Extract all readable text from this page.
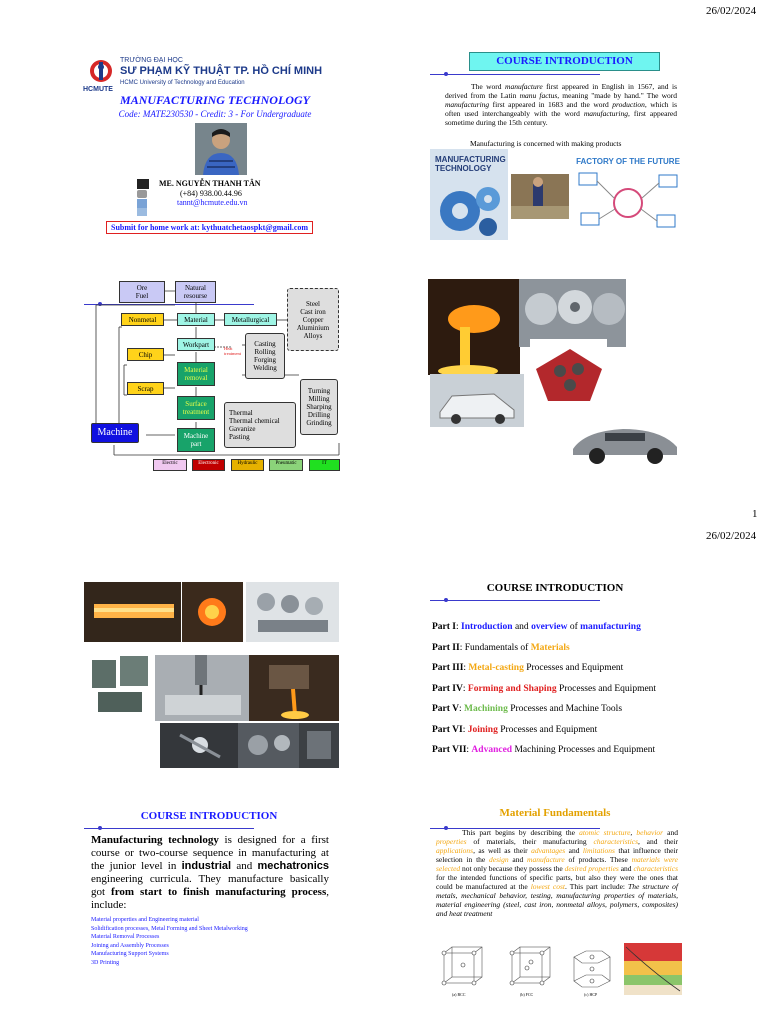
26/02/2024
1
26/02/2024
HCMUTE
TRƯỜNG ĐẠI HỌC
SƯ PHẠM KỸ THUẬT TP. HỒ CHÍ MINH
HCMC University of Technology and Education
MANUFACTURING TECHNOLOGY
Code: MATE230530 - Credit: 3 - For Undergraduate
ME. NGUYỄN THANH TÂN
(+84) 938.00.44.96
tannt@hcmute.edu.vn
Submit for home work at: kythuatchetaospkt@gmail.com
COURSE INTRODUCTION
The word manufacture first appeared in English in 1567, and is derived from the Latin manu factus, meaning "made by hand." The word manufacturing first appeared in 1683 and the word production, which is often used interchangeably with the word manufacturing, first appeared sometime during the 15th century.
Manufacturing is concerned with making products
MANUFACTURING TECHNOLOGY
FACTORY OF THE FUTURE
Ore
Fuel
Natural
resourse
Nonmetal	Material	Metallurgical
Steel
Cast iron
Copper
Aluminium
Alloys
Workpart	Heat
treatment
Casting
Rolling
Forging
Welding
Chip
Material
removal
Turning
Milling
Sharping
Drilling
Grinding
Scrap
Surface
treatment	Thermal
Thermal chemical
Gavanize
Pasting
Machine	Machine
part
Electric	Electronic	Hydraulic	Pneumatic	IT
COURSE INTRODUCTION
Part I: Introduction and overview of manufacturing
Part II: Fundamentals of Materials
Part III: Metal-casting Processes and Equipment
Part IV: Forming and Shaping Processes and Equipment
Part V: Machining Processes and Machine Tools
Part VI: Joining Processes and Equipment
Part VII: Advanced Machining Processes and Equipment
COURSE INTRODUCTION
Manufacturing technology is designed for a first course or two-course sequence in manufacturing at the junior level in industrial and mechatronics engineering curricula. They manufacture basically got from start to finish manufacturing process, include:
Material properties and Engineering material
Solidification processes, Metal Forming and Sheet Metalworking
Material Removal Processes
Joining and Assembly Processes
Manufacturing Support Systems
3D Printing
Material Fundamentals
This part begins by describing the atomic structure, behavior and properties of materials, their manufacturing characteristics, and their applications, as well as their advantages and limitations that influence their selection in the design and manufacture of products. These materials were selected not only because they possess the desired properties and characteristics for the intended functions of specific parts, but also they were the ones that could be manufactured at the lowest cost. This part include: The structure of metals, mechanical behavior, testing, manufacturing properties of materials, material engineering (steel, cast iron, nonmetal alloys, polymers, composites) and heat treatment
(a) BCC	(b) FCC	(c) HCP
